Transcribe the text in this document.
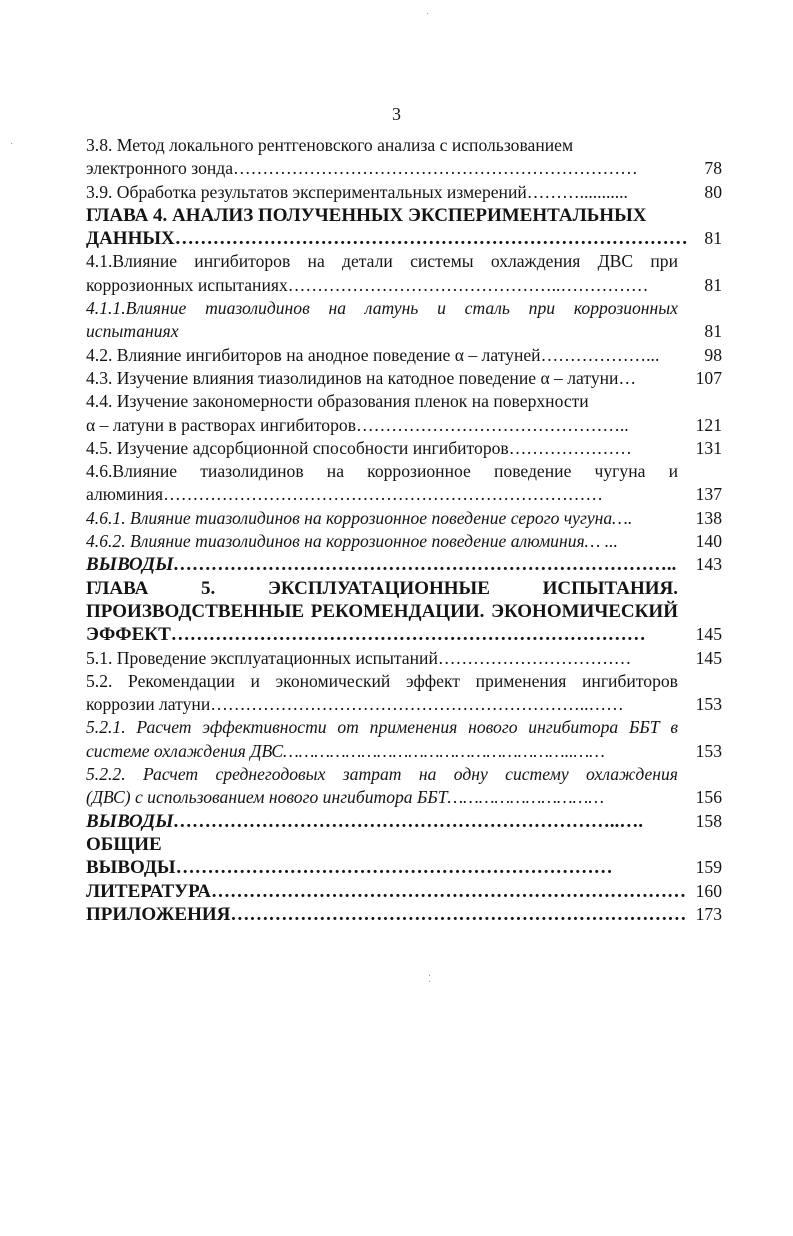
·
·
⁚
3
3.8. Метод локального рентгеновского анализа с использованием
электронного зонда……………………………………………………………	78
3.9. Обработка результатов экспериментальных измерений………...........	80
ГЛАВА 4. АНАЛИЗ ПОЛУЧЕННЫХ ЭКСПЕРИМЕНТАЛЬНЫХ
ДАННЫХ……………………………………………………………………… 81
4.1.Влияние ингибиторов на детали системы охлаждения ДВС при
коррозионных испытаниях………………………………………..……………	81
4.1.1.Влияние тиазолидинов на латунь и сталь при коррозионных
испытаниях	81
4.2. Влияние ингибиторов на анодное поведение α – латуней………………...	98
4.3. Изучение влияния тиазолидинов на катодное поведение α – латуни…	107
4.4. Изучение закономерности образования пленок на поверхности
α – латуни в растворах ингибиторов………………………………………..	121
4.5. Изучение адсорбционной способности ингибиторов…………………	131
4.6.Влияние тиазолидинов на коррозионное поведение чугуна и
алюминия…………………………………………………………………	137
4.6.1. Влияние тиазолидинов на коррозионное поведение серого чугуна….	138
4.6.2. Влияние тиазолидинов на коррозионное поведение алюминия… ...	140
ВЫВОДЫ……………………………………………………………………..	143
ГЛАВА 5. ЭКСПЛУАТАЦИОННЫЕ ИСПЫТАНИЯ.
ПРОИЗВОДСТВЕННЫЕ РЕКОМЕНДАЦИИ. ЭКОНОМИЧЕСКИЙ
ЭФФЕКТ…………………………………………………………………	145
5.1. Проведение эксплуатационных испытаний……………………………	145
5.2. Рекомендации и экономический эффект применения ингибиторов
коррозии латуни………………………………………………………..……	153
5.2.1. Расчет эффективности от применения нового ингибитора ББТ в
системе охлаждения ДВС………………………………………………..……	153
5.2.2. Расчет среднегодовых затрат на одну систему охлаждения
(ДВС) с использованием нового ингибитора ББТ…………………………	156
ВЫВОДЫ……………………………………………………………..….	158
ОБЩИЕ ВЫВОДЫ……………………………………………………………	159
ЛИТЕРАТУРА………………………………………………………………… 160
ПРИЛОЖЕНИЯ……………………………………………………………… 173
